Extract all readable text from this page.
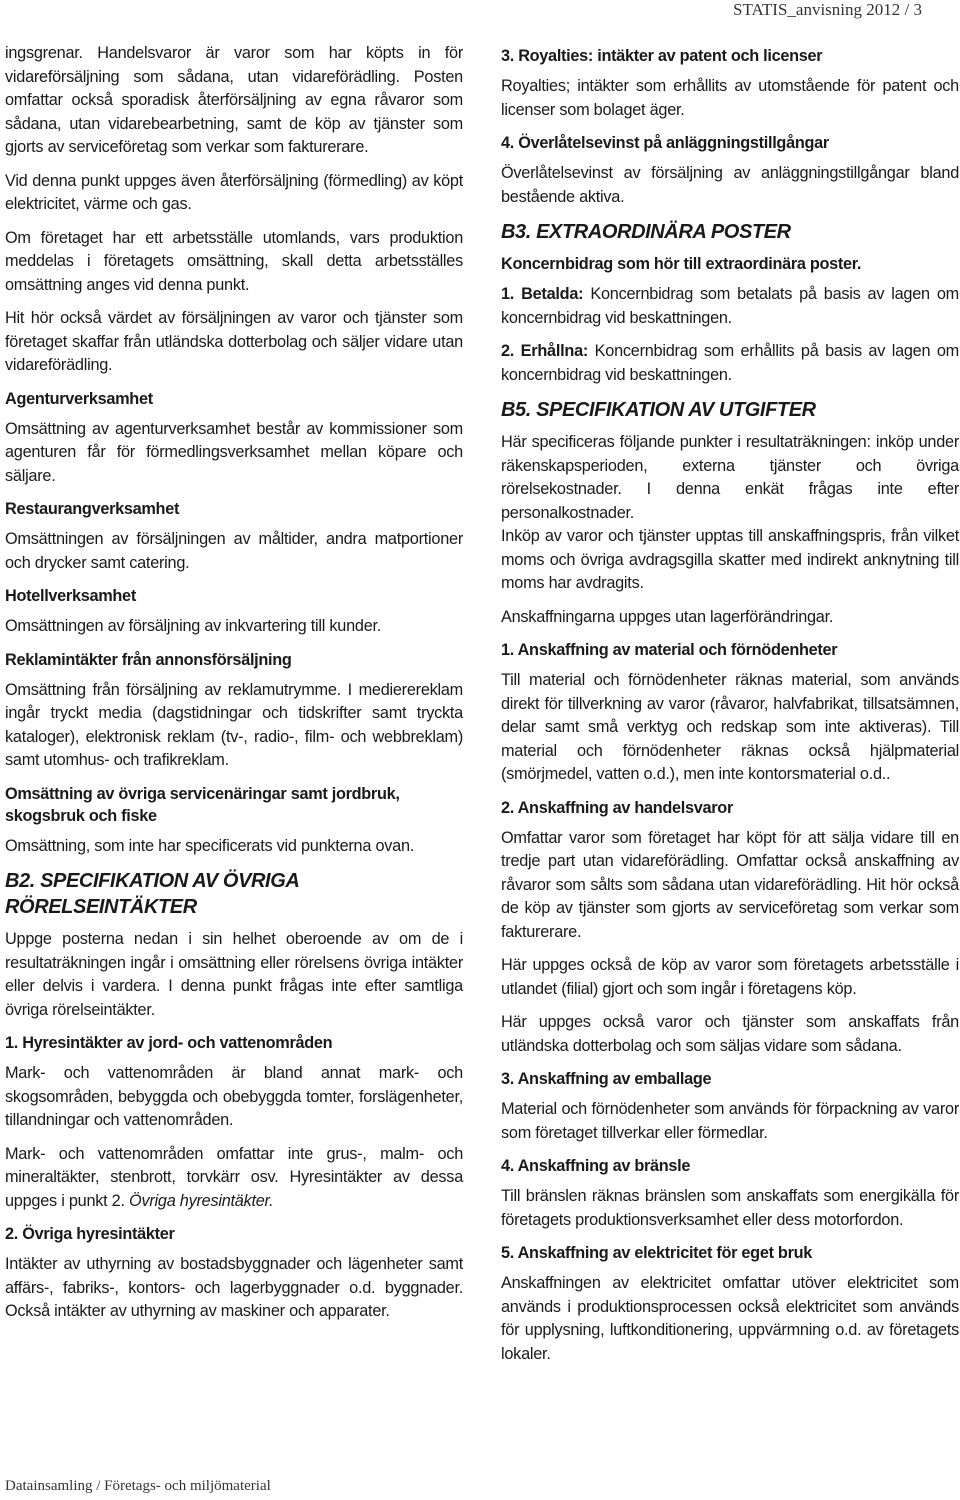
STATIS_anvisning 2012 / 3

ingsgrenar. Handelsvaror är varor som har köpts in för vidareförsäljning som sådana, utan vidareförädling. Posten omfattar också sporadisk återförsäljning av egna råvaror som sådana, utan vidarebearbetning, samt de köp av tjänster som gjorts av serviceföretag som verkar som fakturerare.

Vid denna punkt uppges även återförsäljning (förmedling) av köpt elektricitet, värme och gas.

Om företaget har ett arbetsställe utomlands, vars produktion meddelas i företagets omsättning, skall detta arbetsställes omsättning anges vid denna punkt.

Hit hör också värdet av försäljningen av varor och tjänster som företaget skaffar från utländska dotterbolag och säljer vidare utan vidareförädling.

Agenturverksamhet

Omsättning av agenturverksamhet består av kommissioner som agenturen får för förmedlingsverksamhet mellan köpare och säljare.

Restaurangverksamhet

Omsättningen av försäljningen av måltider, andra matportioner och drycker samt catering.

Hotellverksamhet

Omsättningen av försäljning av inkvartering till kunder.

Reklamintäkter från annonsförsäljning

Omsättning från försäljning av reklamutrymme. I medierereklam ingår tryckt media (dagstidningar och tidskrifter samt tryckta kataloger), elektronisk reklam (tv-, radio-, film- och webbreklam) samt utomhus- och trafikreklam.

Omsättning av övriga servicenäringar samt jordbruk, skogsbruk och fiske

Omsättning, som inte har specificerats vid punkterna ovan.

B2. SPECIFIKATION AV ÖVRIGA RÖRELSEINTÄKTER

Uppge posterna nedan i sin helhet oberoende av om de i resultaträkningen ingår i omsättning eller rörelsens övriga intäkter eller delvis i vardera. I denna punkt frågas inte efter samtliga övriga rörelseintäkter.

1. Hyresintäkter av jord- och vattenområden

Mark- och vattenområden är bland annat mark- och skogsområden, bebyggda och obebyggda tomter, forslägenheter, tillandningar och vattenområden.

Mark- och vattenområden omfattar inte grus-, malm- och mineraltäkter, stenbrott, torvkärr osv. Hyresintäkter av dessa uppges i punkt 2. Övriga hyresintäkter.

2. Övriga hyresintäkter

Intäkter av uthyrning av bostadsbyggnader och lägenheter samt affärs-, fabriks-, kontors- och lagerbyggnader o.d. byggnader. Också intäkter av uthyrning av maskiner och apparater.

3. Royalties: intäkter av patent och licenser

Royalties; intäkter som erhållits av utomstående för patent och licenser som bolaget äger.

4. Överlåtelsevinst på anläggningstillgångar

Överlåtelsevinst av försäljning av anläggningstillgångar bland bestående aktiva.

B3. EXTRAORDINÄRA POSTER
Koncernbidrag som hör till extraordinära poster.

1. Betalda: Koncernbidrag som betalats på basis av lagen om koncernbidrag vid beskattningen.

2. Erhållna: Koncernbidrag som erhållits på basis av lagen om koncernbidrag vid beskattningen.

B5. SPECIFIKATION AV UTGIFTER

Här specificeras följande punkter i resultaträkningen: inköp under räkenskapsperioden, externa tjänster och övriga rörelsekostnader. I denna enkät frågas inte efter personalkostnader.

Inköp av varor och tjänster upptas till anskaffningspris, från vilket moms och övriga avdragsgilla skatter med indirekt anknytning till moms har avdragits.

Anskaffningarna uppges utan lagerförändringar.

1. Anskaffning av material och förnödenheter

Till material och förnödenheter räknas material, som används direkt för tillverkning av varor (råvaror, halvfabrikat, tillsatsämnen, delar samt små verktyg och redskap som inte aktiveras). Till material och förnödenheter räknas också hjälpmaterial (smörjmedel, vatten o.d.), men inte kontorsmaterial o.d..

2. Anskaffning av handelsvaror

Omfattar varor som företaget har köpt för att sälja vidare till en tredje part utan vidareförädling. Omfattar också anskaffning av råvaror som sålts som sådana utan vidareförädling. Hit hör också de köp av tjänster som gjorts av serviceföretag som verkar som fakturerare.

Här uppges också de köp av varor som företagets arbetsställe i utlandet (filial) gjort och som ingår i företagens köp.

Här uppges också varor och tjänster som anskaffats från utländska dotterbolag och som säljas vidare som sådana.

3. Anskaffning av emballage

Material och förnödenheter som används för förpackning av varor som företaget tillverkar eller förmedlar.

4. Anskaffning av bränsle

Till bränslen räknas bränslen som anskaffats som energikälla för företagets produktionsverksamhet eller dess motorfordon.

5. Anskaffning av elektricitet för eget bruk

Anskaffningen av elektricitet omfattar utöver elektricitet som används i produktionsprocessen också elektricitet som används för upplysning, luftkonditionering, uppvärmning o.d. av företagets lokaler.

Datainsamling / Företags- och miljömaterial
